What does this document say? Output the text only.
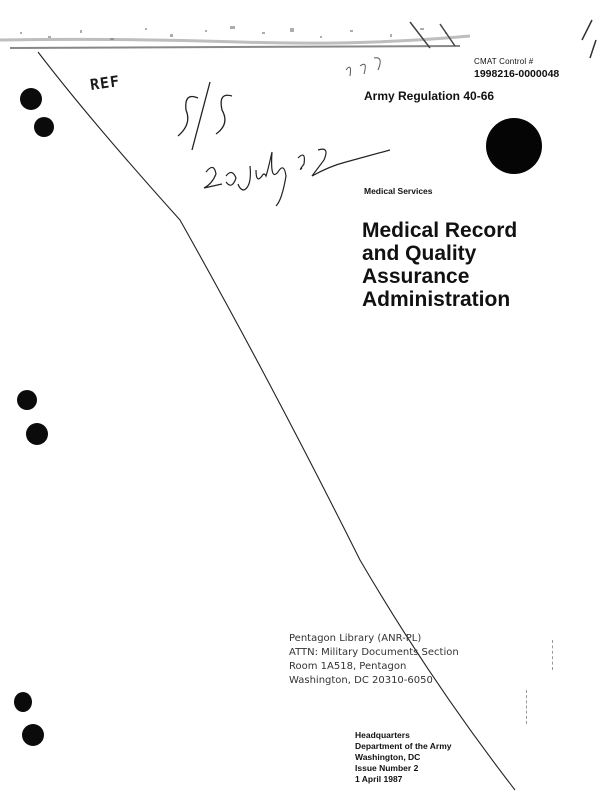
REF
CMAT Control #
1998216-0000048
Army Regulation 40-66
Medical Services
Medical Record
and Quality
Assurance
Administration
Pentagon Library (ANR-PL)
ATTN: Military Documents Section
Room 1A518, Pentagon
Washington, DC 20310-6050
Headquarters
Department of the Army
Washington, DC
Issue Number 2
1 April 1987
